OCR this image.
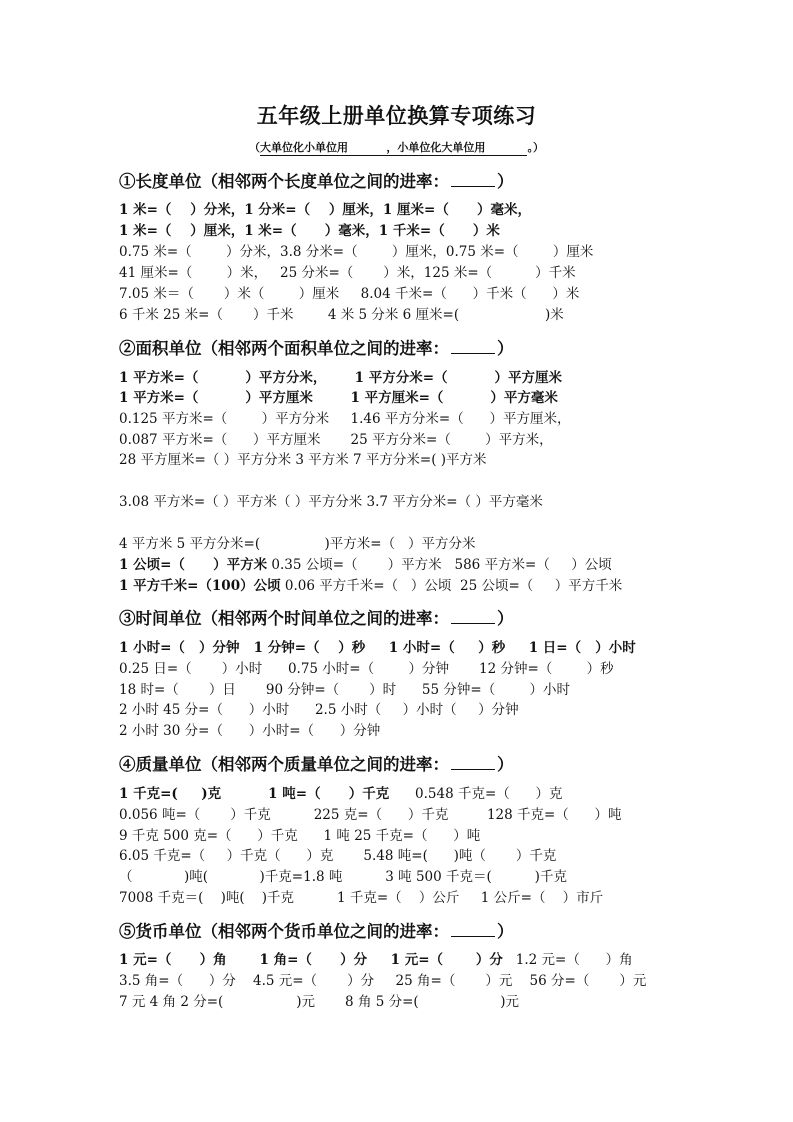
五年级上册单位换算专项练习
（大单位化小单位用	，小单位化大单位用	。）
①长度单位（相邻两个长度单位之间的进率：	）
1 米=（    ）分米，1 分米=（    ）厘米，1 厘米=（      ）毫米，
1 米=（    ）厘米，1 米=（      ）毫米，1 千米=（      ）米
0.75 米=（        ）分米，3.8 分米=（        ）厘米，0.75 米=（        ）厘米
41 厘米=（        ）米，   25 分米=（       ）米，125 米=（          ）千米
7.05 米＝（       ）米（        ）厘米     8.04 千米=（      ）千米（      ）米
6 千米 25 米=（       ）千米        4 米 5 分米 6 厘米=(                    )米
②面积单位（相邻两个面积单位之间的进率：	）
1 平方米=（          ）平方分米，      1 平方分米=（          ）平方厘米
1 平方米=（          ）平方厘米        1 平方厘米=（          ）平方毫米
0.125 平方米=（        ）平方分米     1.46 平方分米=（      ）平方厘米，
0.087 平方米=（      ）平方厘米       25 平方分米=（        ）平方米，
28 平方厘米=（ ）平方分米 3 平方米 7 平方分米=( )平方米
3.08 平方米=（ ）平方米（ ）平方分米 3.7 平方分米=（ ）平方毫米
4 平方米 5 平方分米=(               )平方米=（   ）平方分米
1 公顷=（      ）平方米 0.35 公顷=（       ）平方米   586 平方米=（     ）公顷
1 平方千米=（100）公顷 0.06 平方千米=（   ）公顷  25 公顷=（     ）平方千米
③时间单位（相邻两个时间单位之间的进率：	）
1 小时=（   ）分钟   1 分钟=（    ）秒     1 小时=（     ）秒     1 日=（   ）小时
0.25 日=（       ）小时      0.75 小时=（        ）分钟       12 分钟=（        ）秒
18 时=（       ）日       90 分钟=（       ）时      55 分钟=（        ）小时
2 小时 45 分=（      ）小时      2.5 小时（     ）小时（     ）分钟
2 小时 30 分=（      ）小时=（      ）分钟
④质量单位（相邻两个质量单位之间的进率：	）
1 千克=(     )克          1 吨=（      ）千克      0.548 千克=（      ）克
0.056 吨=（       ）千克          225 克=（      ）千克         128 千克=（      ）吨
9 千克 500 克=（      ）千克      1 吨 25 千克=（      ）吨
6.05 千克=（     ）千克（      ）克       5.48 吨=(      )吨（       ）千克
（            )吨(            )千克=1.8 吨          3 吨 500 千克＝(          )千克
7008 千克＝(    )吨(    )千克          1 千克=（    ）公斤     1 公斤=（    ）市斤
⑤货币单位（相邻两个货币单位之间的进率：	）
1 元=（      ）角       1 角=（      ）分     1 元=（       ）分   1.2 元=（      ）角
3.5 角=（      ）分    4.5 元=（       ）分     25 角=（       ）元    56 分=（       ）元
7 元 4 角 2 分=(                 )元       8 角 5 分=(                   )元
